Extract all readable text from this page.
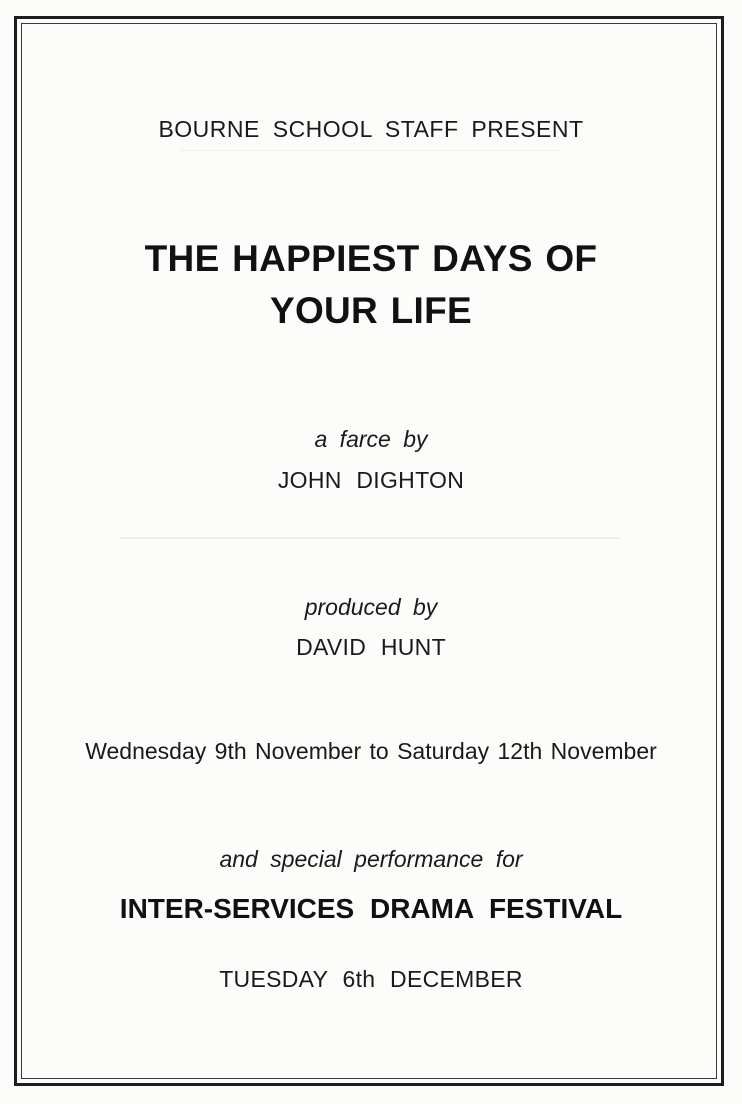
BOURNE SCHOOL STAFF PRESENT
THE HAPPIEST DAYS OF
YOUR LIFE
a farce by
JOHN DIGHTON
produced by
DAVID HUNT
Wednesday 9th November to Saturday 12th November
and special performance for
INTER-SERVICES DRAMA FESTIVAL
TUESDAY 6th DECEMBER
